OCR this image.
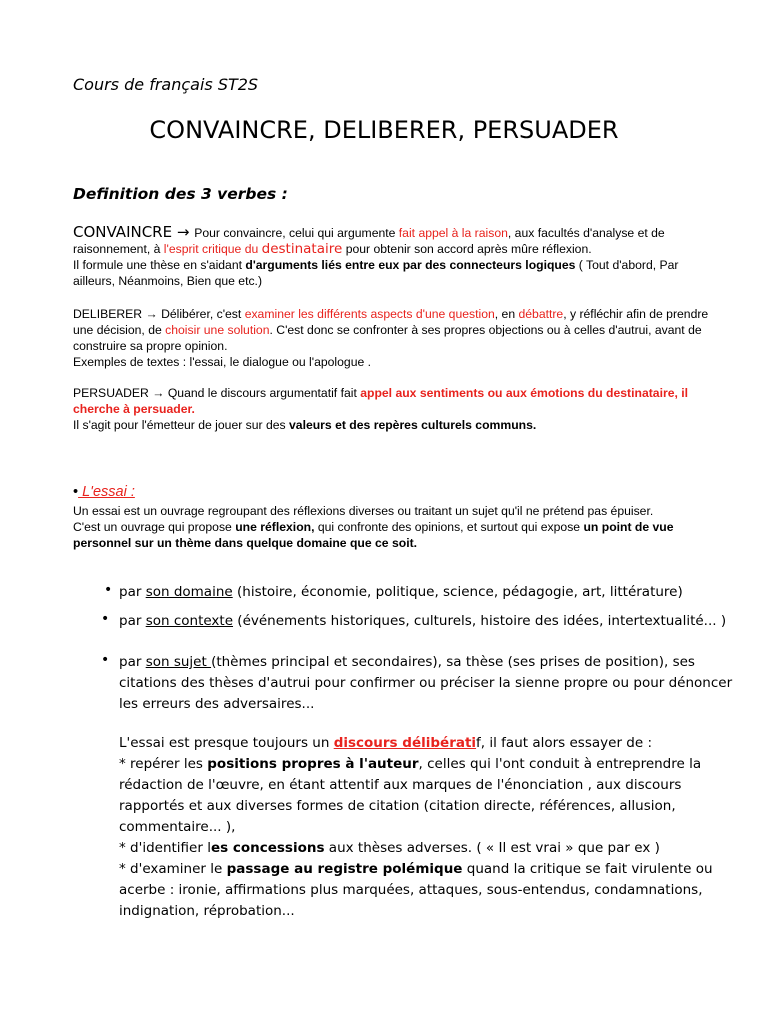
Cours de français ST2S
CONVAINCRE, DELIBERER, PERSUADER
Definition des 3 verbes :
CONVAINCRE → Pour convaincre, celui qui argumente fait appel à la raison, aux facultés d'analyse et de raisonnement, à l'esprit critique du destinataire pour obtenir son accord après mûre réflexion.
Il formule une thèse en s'aidant d'arguments liés entre eux par des connecteurs logiques ( Tout d'abord, Par ailleurs, Néanmoins, Bien que etc.)
DELIBERER → Délibérer, c'est examiner les différents aspects d'une question, en débattre, y réfléchir afin de prendre une décision, de choisir une solution. C'est donc se confronter à ses propres objections ou à celles d'autrui, avant de construire sa propre opinion.
Exemples de textes : l'essai, le dialogue ou l'apologue .
PERSUADER → Quand le discours argumentatif fait appel aux sentiments ou aux émotions du destinataire, il cherche à persuader.
Il s'agit pour l'émetteur de jouer sur des valeurs et des repères culturels communs.
• L'essai :
Un essai est un ouvrage regroupant des réflexions diverses ou traitant un sujet qu'il ne prétend pas épuiser.
C'est un ouvrage qui propose une réflexion, qui confronte des opinions, et surtout qui expose un point de vue personnel sur un thème dans quelque domaine que ce soit.
• par son domaine (histoire, économie, politique, science, pédagogie, art, littérature)
• par son contexte (événements historiques, culturels, histoire des idées, intertextualité... )
• par son sujet (thèmes principal et secondaires), sa thèse (ses prises de position), ses citations des thèses d'autrui pour confirmer ou préciser la sienne propre ou pour dénoncer les erreurs des adversaires...
L'essai est presque toujours un discours délibératif, il faut alors essayer de :
* repérer les positions propres à l'auteur, celles qui l'ont conduit à entreprendre la rédaction de l'œuvre, en étant attentif aux marques de l'énonciation , aux discours rapportés et aux diverses formes de citation (citation directe, références, allusion, commentaire... ),
* d'identifier les concessions aux thèses adverses. ( « Il est vrai » que par ex )
* d'examiner le passage au registre polémique quand la critique se fait virulente ou acerbe : ironie, affirmations plus marquées, attaques, sous-entendus, condamnations, indignation, réprobation...
